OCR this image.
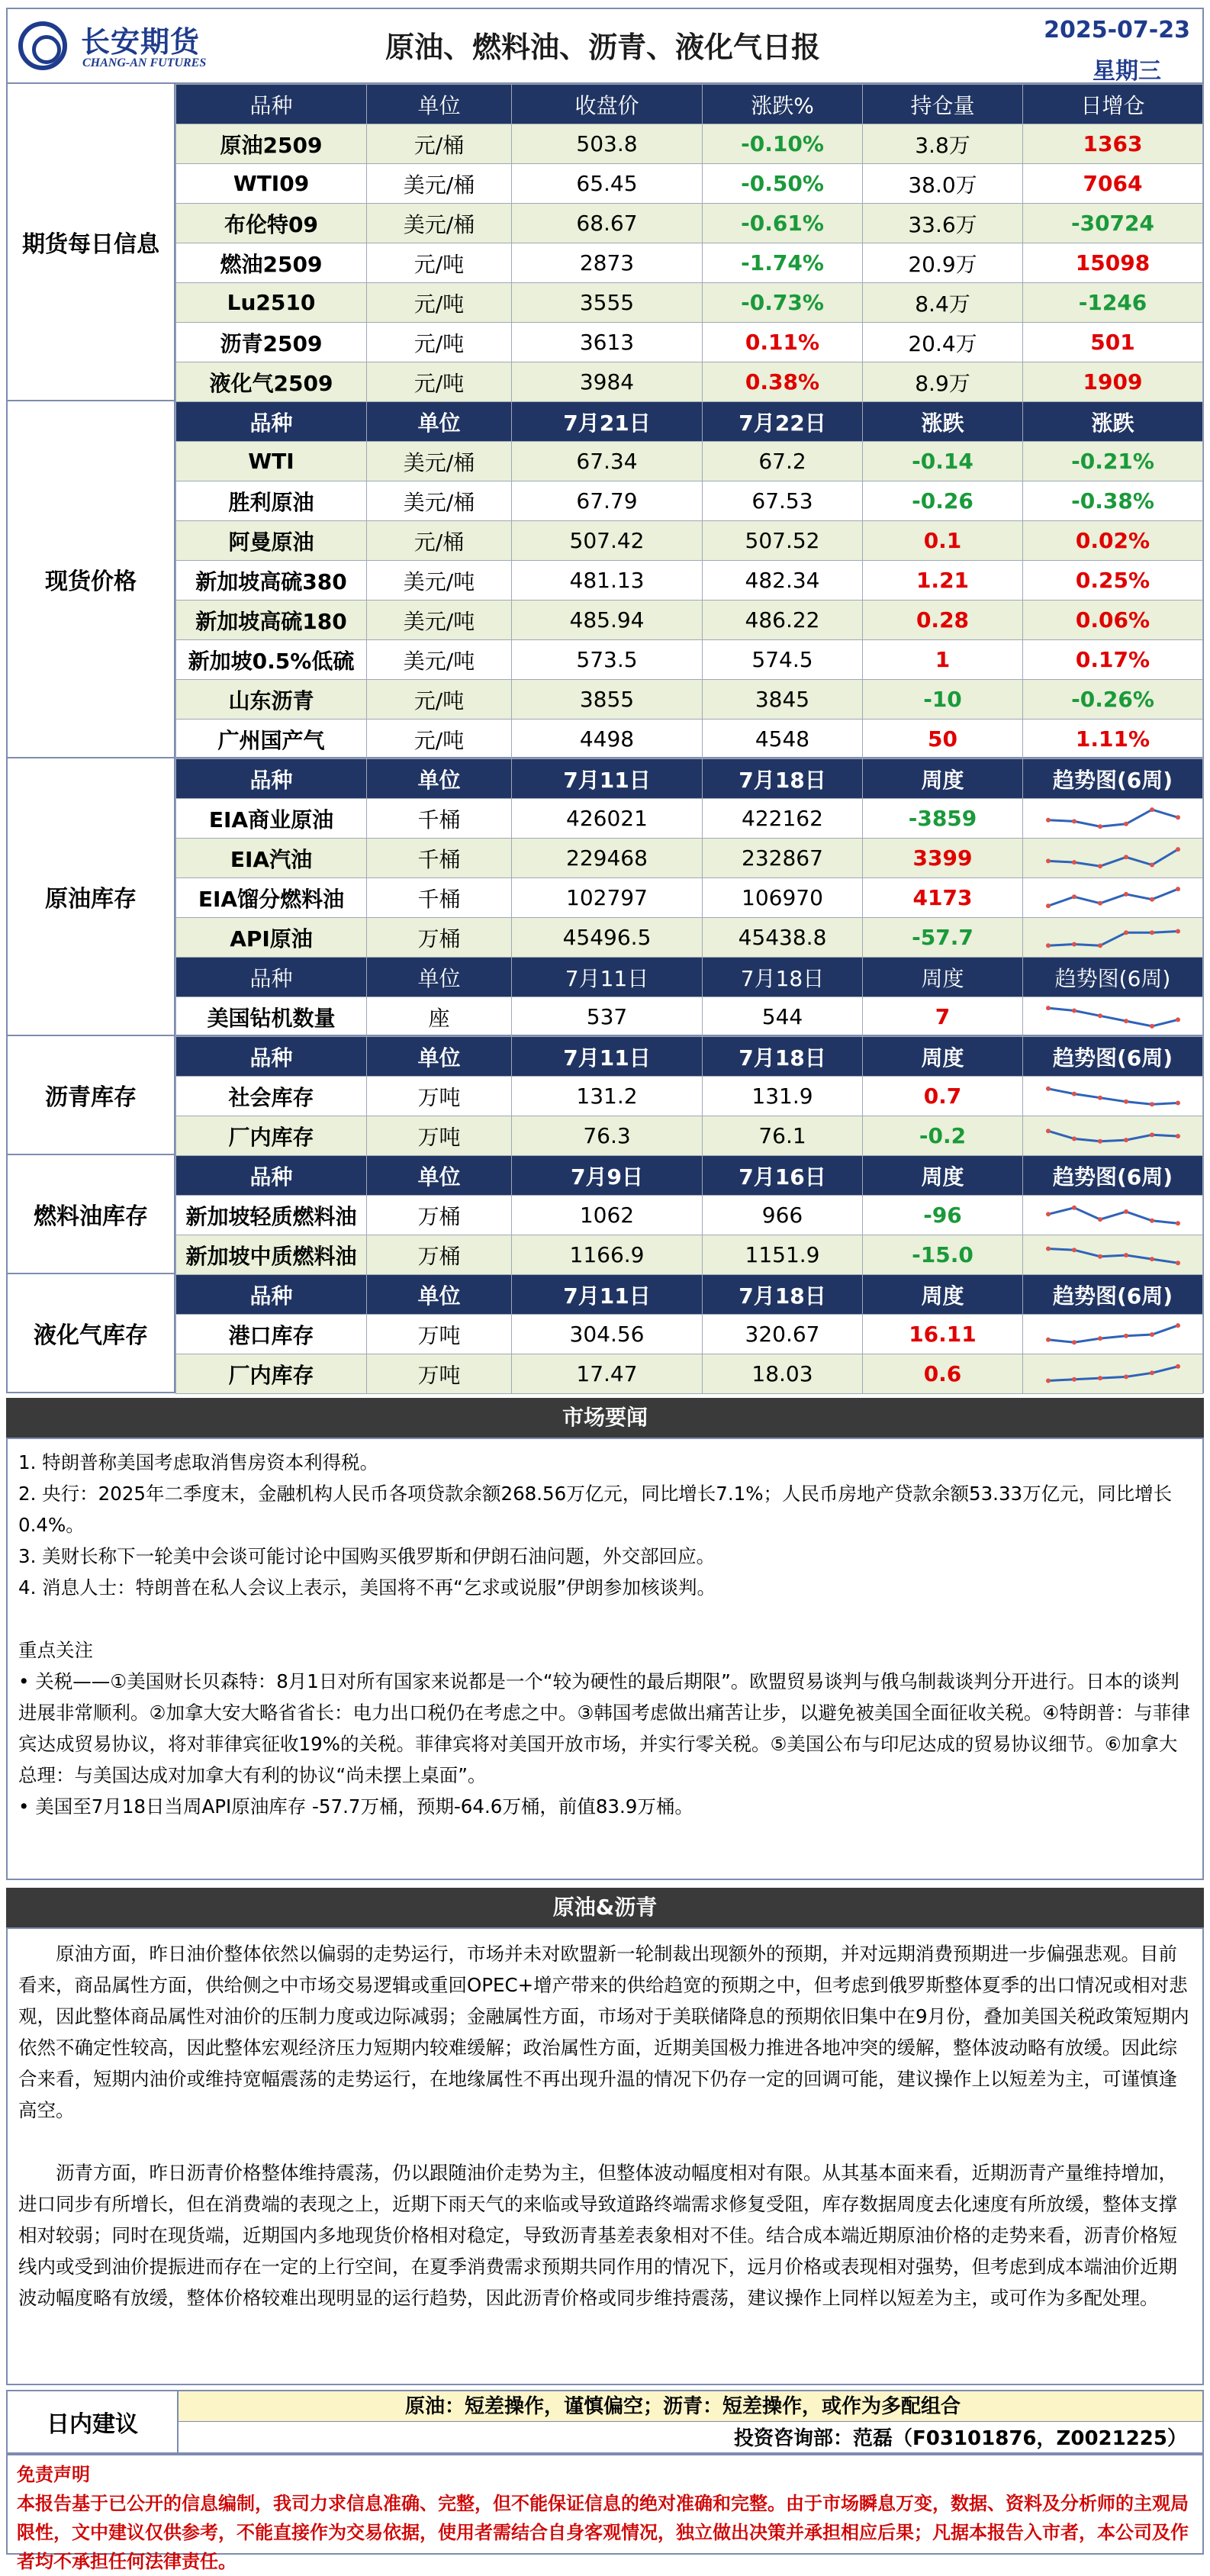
长安期货
CHANG-AN FUTURES	原油、燃料油、沥青、液化气日报
2025-07-23
星期三
期货每日信息
品种	单位	收盘价	涨跌%	持仓量	日增仓
原油2509	元/桶	503.8	-0.10%	3.8万	1363
WTI09	美元/桶	65.45	-0.50%	38.0万	7064
布伦特09	美元/桶	68.67	-0.61%	33.6万	-30724
燃油2509	元/吨	2873	-1.74%	20.9万	15098
Lu2510	元/吨	3555	-0.73%	8.4万	-1246
沥青2509	元/吨	3613	0.11%	20.4万	501
液化气2509	元/吨	3984	0.38%	8.9万	1909
现货价格
品种	单位	7月21日	7月22日	涨跌	涨跌
WTI	美元/桶	67.34	67.2	-0.14	-0.21%
胜利原油	美元/桶	67.79	67.53	-0.26	-0.38%
阿曼原油	元/桶	507.42	507.52	0.1	0.02%
新加坡高硫380	美元/吨	481.13	482.34	1.21	0.25%
新加坡高硫180	美元/吨	485.94	486.22	0.28	0.06%
新加坡0.5%低硫	美元/吨	573.5	574.5	1	0.17%
山东沥青	元/吨	3855	3845	-10	-0.26%
广州国产气	元/吨	4498	4548	50	1.11%
原油库存
品种	单位	7月11日	7月18日	周度	趋势图(6周)
EIA商业原油	千桶	426021	422162	-3859	

EIA汽油	千桶	229468	232867	3399	

EIA馏分燃料油	千桶	102797	106970	4173	

API原油	万桶	45496.5	45438.8	-57.7	

品种	单位	7月11日	7月18日	周度	趋势图(6周)
美国钻机数量	座	537	544	7	
沥青库存
品种	单位	7月11日	7月18日	周度	趋势图(6周)
社会库存	万吨	131.2	131.9	0.7	

厂内库存	万吨	76.3	76.1	-0.2	
燃料油库存
品种	单位	7月9日	7月16日	周度	趋势图(6周)
新加坡轻质燃料油	万桶	1062	966	-96	

新加坡中质燃料油	万桶	1166.9	1151.9	-15.0	
液化气库存
品种	单位	7月11日	7月18日	周度	趋势图(6周)
港口库存	万吨	304.56	320.67	16.11	

厂内库存	万吨	17.47	18.03	0.6	
市场要闻

1. 特朗普称美国考虑取消售房资本利得税。

2. 央行：2025年二季度末，金融机构人民币各项贷款余额268.56万亿元，同比增长7.1%；人民币房地产贷款余额53.33万亿元，同比增长0.4%。

3. 美财长称下一轮美中会谈可能讨论中国购买俄罗斯和伊朗石油问题，外交部回应。

4. 消息人士：特朗普在私人会议上表示，美国将不再“乞求或说服”伊朗参加核谈判。

重点关注

• 关税——①美国财长贝森特：8月1日对所有国家来说都是一个“较为硬性的最后期限”。欧盟贸易谈判与俄乌制裁谈判分开进行。日本的谈判进展非常顺利。②加拿大安大略省省长：电力出口税仍在考虑之中。③韩国考虑做出痛苦让步，以避免被美国全面征收关税。④特朗普：与菲律宾达成贸易协议，将对菲律宾征收19%的关税。菲律宾将对美国开放市场，并实行零关税。⑤美国公布与印尼达成的贸易协议细节。⑥加拿大总理：与美国达成对加拿大有利的协议“尚未摆上桌面”。

• 美国至7月18日当周API原油库存 -57.7万桶，预期-64.6万桶，前值83.9万桶。

原油&沥青

原油方面，昨日油价整体依然以偏弱的走势运行，市场并未对欧盟新一轮制裁出现额外的预期，并对远期消费预期进一步偏强悲观。目前看来，商品属性方面，供给侧之中市场交易逻辑或重回OPEC+增产带来的供给趋宽的预期之中，但考虑到俄罗斯整体夏季的出口情况或相对悲观，因此整体商品属性对油价的压制力度或边际减弱；金融属性方面，市场对于美联储降息的预期依旧集中在9月份，叠加美国关税政策短期内依然不确定性较高，因此整体宏观经济压力短期内较难缓解；政治属性方面，近期美国极力推进各地冲突的缓解，整体波动略有放缓。因此综合来看，短期内油价或维持宽幅震荡的走势运行，在地缘属性不再出现升温的情况下仍存一定的回调可能，建议操作上以短差为主，可谨慎逢高空。

沥青方面，昨日沥青价格整体维持震荡，仍以跟随油价走势为主，但整体波动幅度相对有限。从其基本面来看，近期沥青产量维持增加，进口同步有所增长，但在消费端的表现之上，近期下雨天气的来临或导致道路终端需求修复受阻，库存数据周度去化速度有所放缓，整体支撑相对较弱；同时在现货端，近期国内多地现货价格相对稳定，导致沥青基差表象相对不佳。结合成本端近期原油价格的走势来看，沥青价格短线内或受到油价提振进而存在一定的上行空间，在夏季消费需求预期共同作用的情况下，远月价格或表现相对强势，但考虑到成本端油价近期波动幅度略有放缓，整体价格较难出现明显的运行趋势，因此沥青价格或同步维持震荡，建议操作上同样以短差为主，或可作为多配处理。

日内建议
原油：短差操作，谨慎偏空；沥青：短差操作，或作为多配组合
投资咨询部：范磊（F03101876，Z0021225）
免责声明
本报告基于已公开的信息编制，我司力求信息准确、完整，但不能保证信息的绝对准确和完整。由于市场瞬息万变，数据、资料及分析师的主观局限性，文中建议仅供参考，不能直接作为交易依据，使用者需结合自身客观情况，独立做出决策并承担相应后果；凡据本报告入市者，本公司及作者均不承担任何法律责任。
